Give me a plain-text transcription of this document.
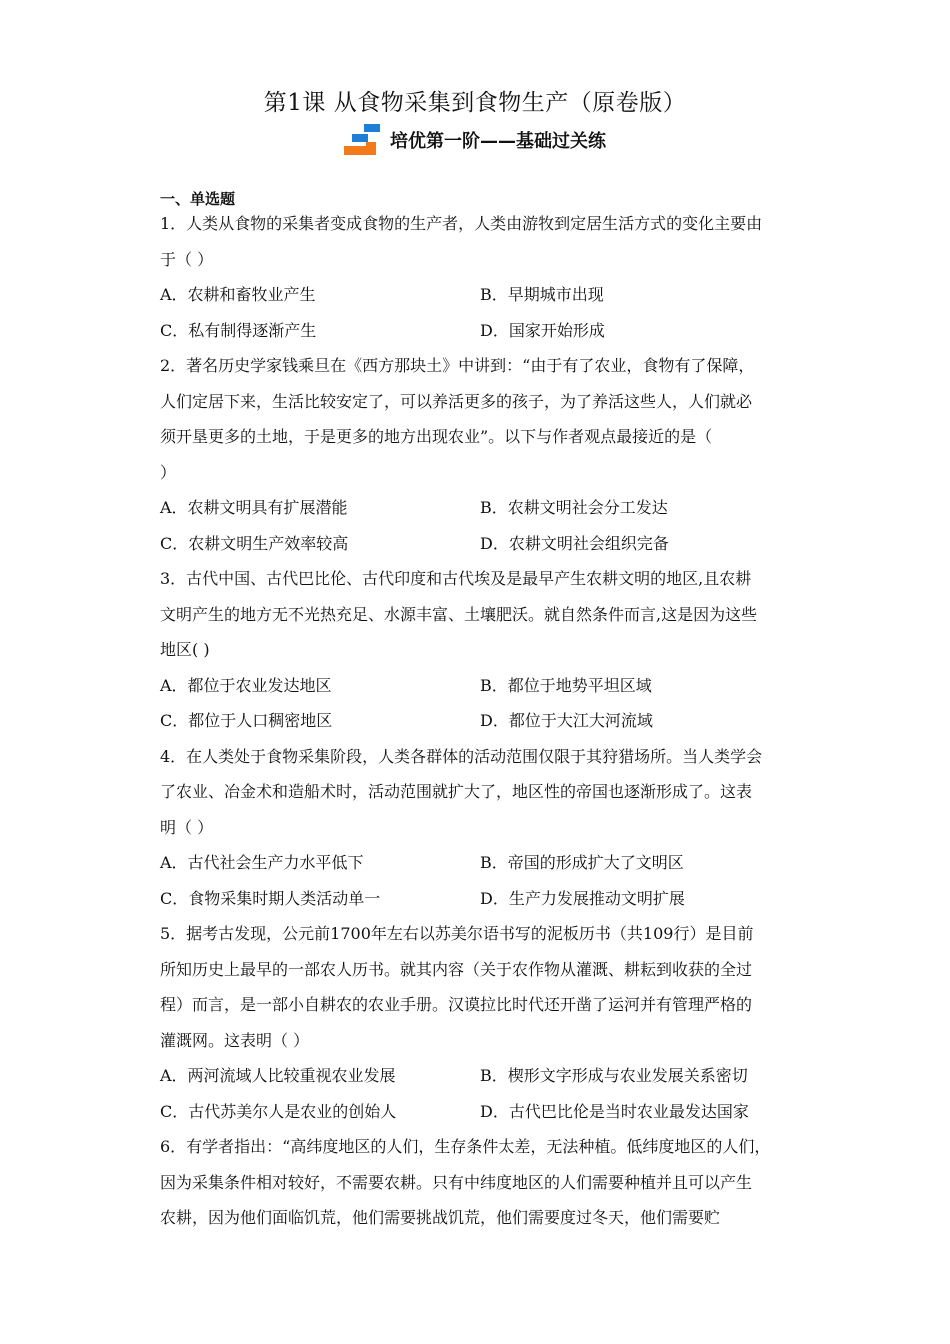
第1课 从食物采集到食物生产（原卷版）
培优第一阶——基础过关练
一、单选题
1．人类从食物的采集者变成食物的生产者，人类由游牧到定居生活方式的变化主要由
于（ ）
A．农耕和畜牧业产生	B．早期城市出现
C．私有制得逐渐产生	D．国家开始形成
2．著名历史学家钱乘旦在《西方那块土》中讲到：“由于有了农业，食物有了保障，
人们定居下来，生活比较安定了，可以养活更多的孩子，为了养活这些人，人们就必
须开垦更多的土地，于是更多的地方出现农业”。以下与作者观点最接近的是（
）
A．农耕文明具有扩展潜能	B．农耕文明社会分工发达
C．农耕文明生产效率较高	D．农耕文明社会组织完备
3．古代中国、古代巴比伦、古代印度和古代埃及是最早产生农耕文明的地区,且农耕
文明产生的地方无不光热充足、水源丰富、土壤肥沃。就自然条件而言,这是因为这些
地区( )
A．都位于农业发达地区	B．都位于地势平坦区域
C．都位于人口稠密地区	D．都位于大江大河流域
4．在人类处于食物采集阶段，人类各群体的活动范围仅限于其狩猎场所。当人类学会
了农业、冶金术和造船术时，活动范围就扩大了，地区性的帝国也逐渐形成了。这表
明（ ）
A．古代社会生产力水平低下	B．帝国的形成扩大了文明区
C．食物采集时期人类活动单一	D．生产力发展推动文明扩展
5．据考古发现，公元前1700年左右以苏美尔语书写的泥板历书（共109行）是目前
所知历史上最早的一部农人历书。就其内容（关于农作物从灌溉、耕耘到收获的全过
程）而言，是一部小自耕农的农业手册。汉谟拉比时代还开凿了运河并有管理严格的
灌溉网。这表明（ ）
A．两河流域人比较重视农业发展	B．楔形文字形成与农业发展关系密切
C．古代苏美尔人是农业的创始人	D．古代巴比伦是当时农业最发达国家
6．有学者指出：“高纬度地区的人们，生存条件太差，无法种植。低纬度地区的人们，
因为采集条件相对较好，不需要农耕。只有中纬度地区的人们需要种植并且可以产生
农耕，因为他们面临饥荒，他们需要挑战饥荒，他们需要度过冬天，他们需要贮
